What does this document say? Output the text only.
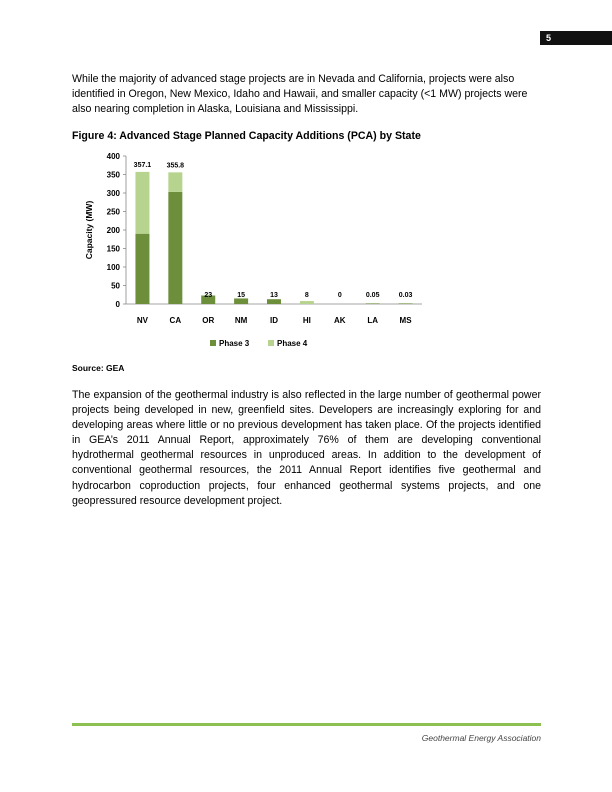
5

While the majority of advanced stage projects are in Nevada and California, projects were also identified in Oregon, New Mexico, Idaho and Hawaii, and smaller capacity (<1 MW) projects were also nearing completion in Alaska, Louisiana and Mississippi.

Figure 4: Advanced Stage Planned Capacity Additions (PCA) by State
Capacity (MW)
0
50
100
150
200
250
300
350
400
357.1
NV
355.8
CA
23
OR
15
NM
13
ID
8
HI
0
AK
0.05
LA
0.03
MS
Phase 3	Phase 4
Source: GEA

The expansion of the geothermal industry is also reflected in the large number of geothermal power projects being developed in new, greenfield sites. Developers are increasingly exploring for and developing areas where little or no previous development has taken place. Of the projects identified in GEA’s 2011 Annual Report, approximately 76% of them are developing conventional hydrothermal geothermal resources in unproduced areas. In addition to the development of conventional geothermal resources, the 2011 Annual Report identifies five geothermal and hydrocarbon coproduction projects, four enhanced geothermal systems projects, and one geopressured resource development project.

Geothermal Energy Association
